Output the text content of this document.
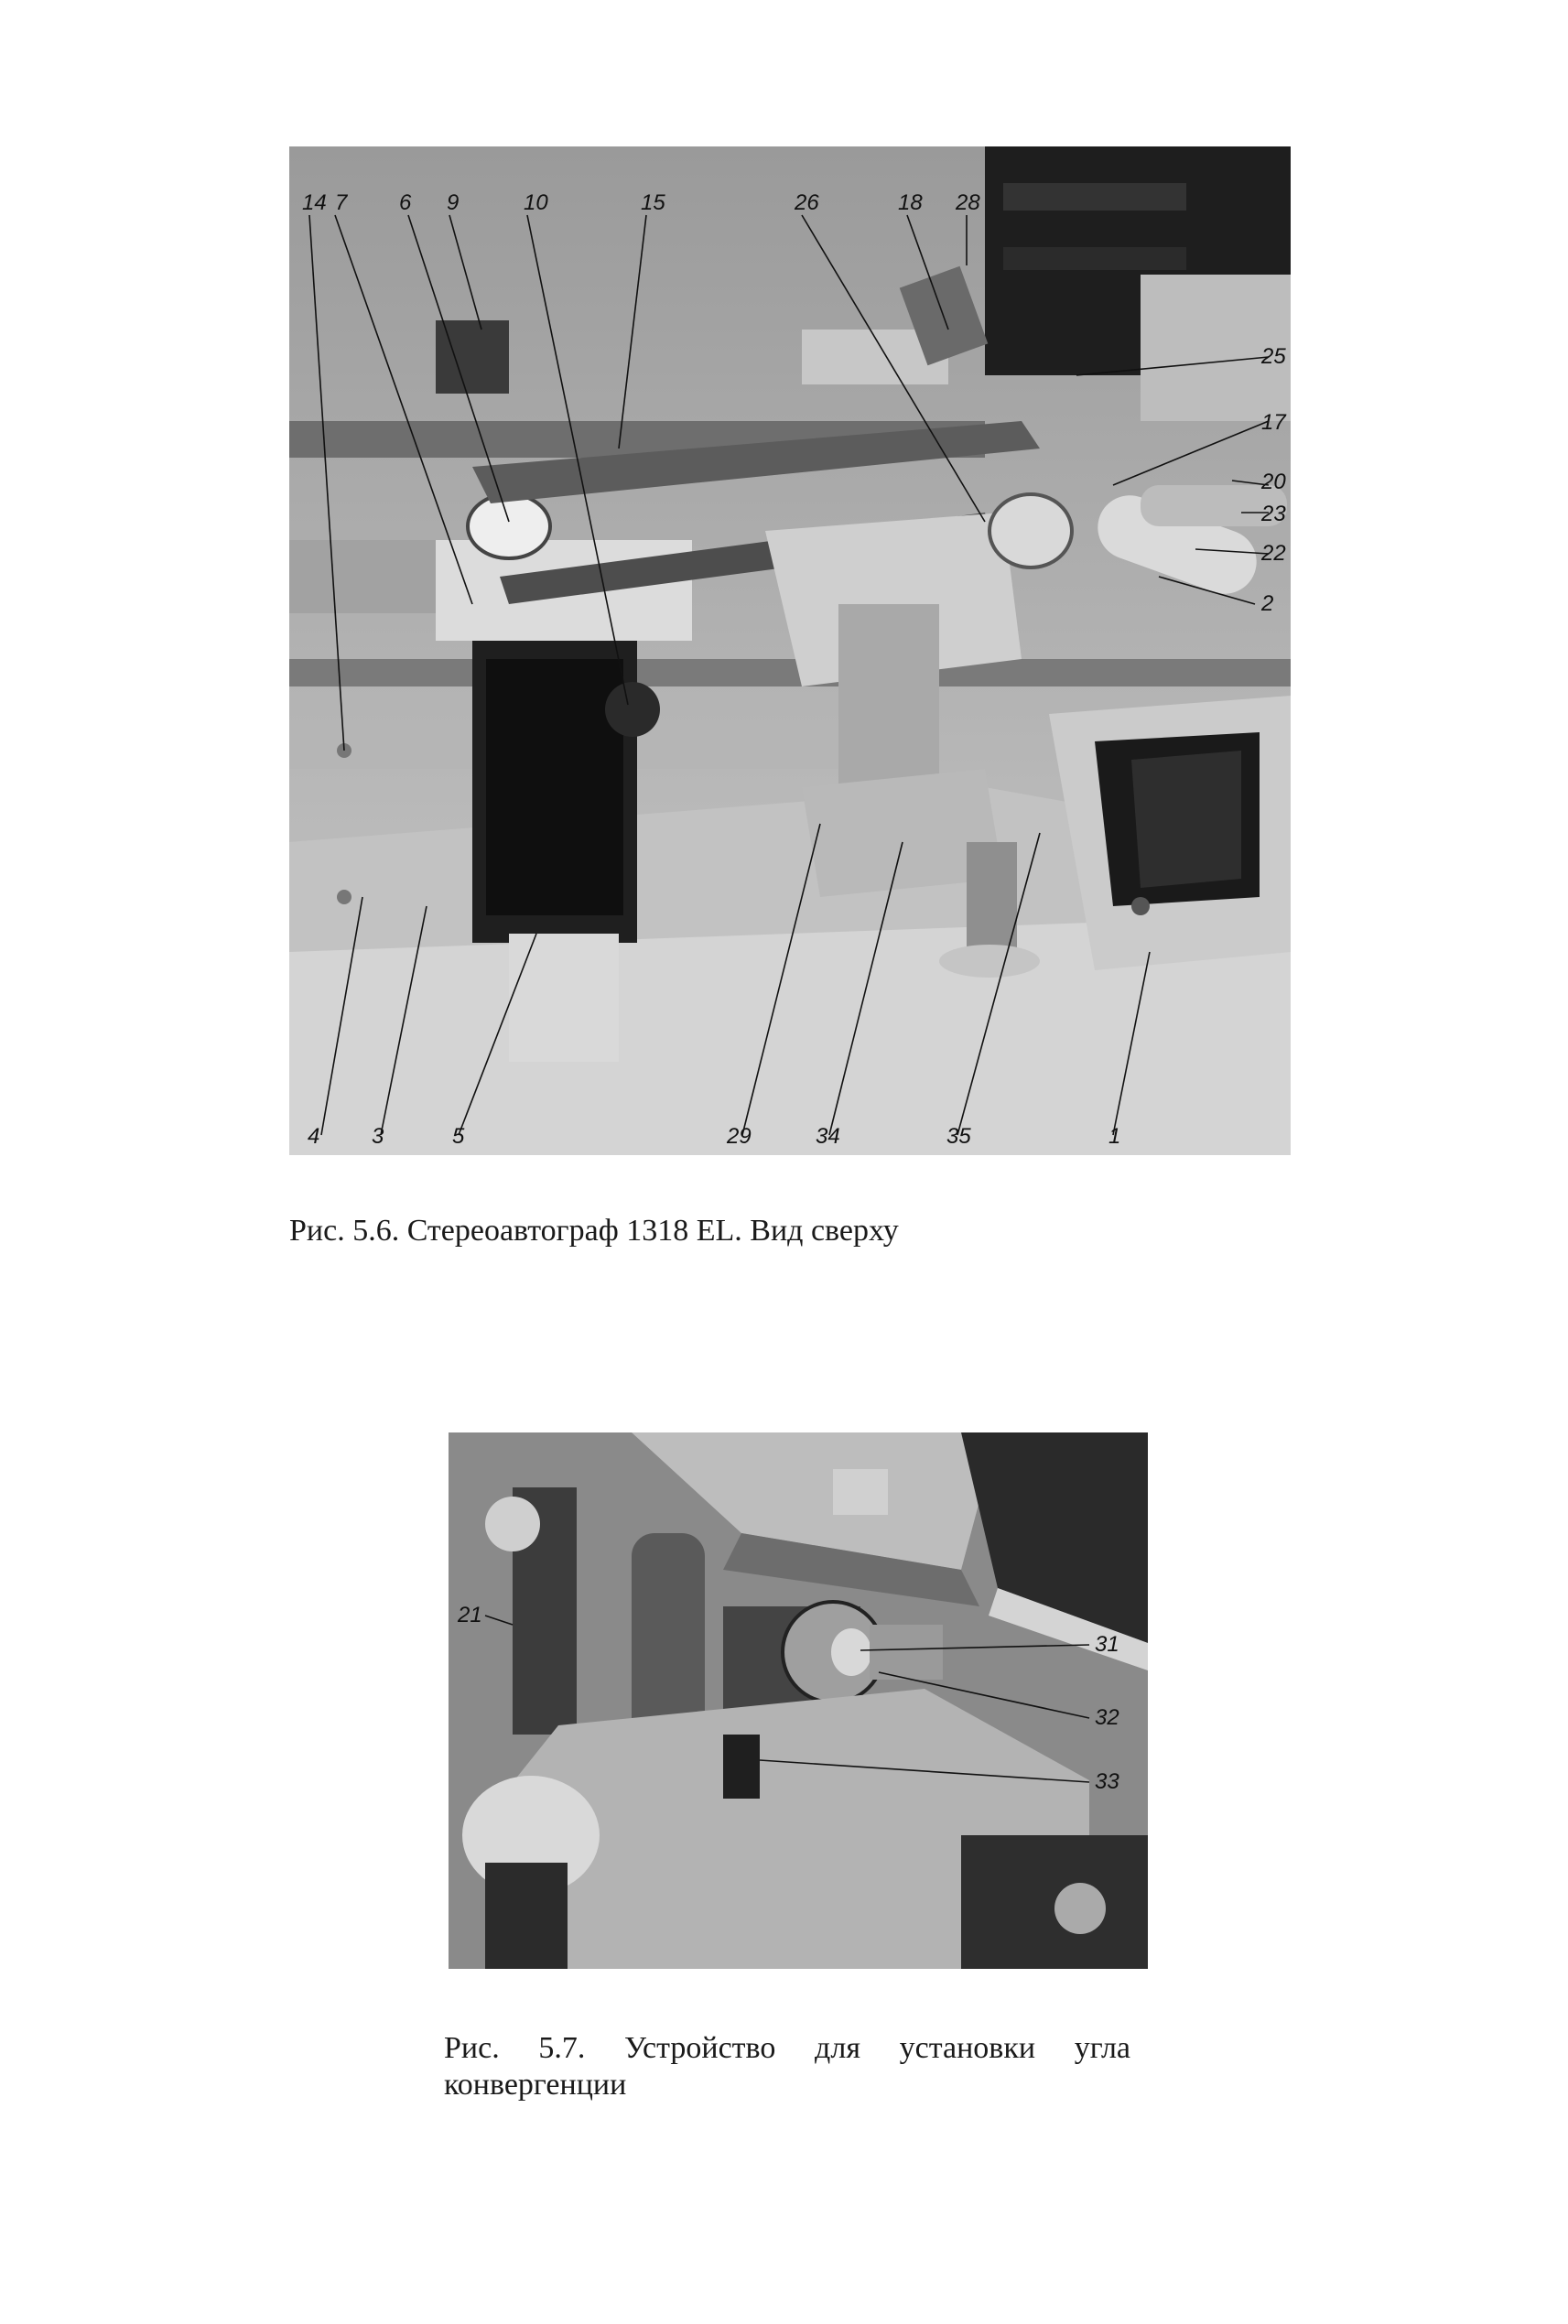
14 7 6 9	10	15	26	18 28
25
17
20
23
22
2
4 3	5	29	34	35	1
Рис. 5.6. Стереоавтограф 1318 EL. Вид сверху
21
31
32
33
Рис. 5.7. Устройство для установки угла
конвергенции
